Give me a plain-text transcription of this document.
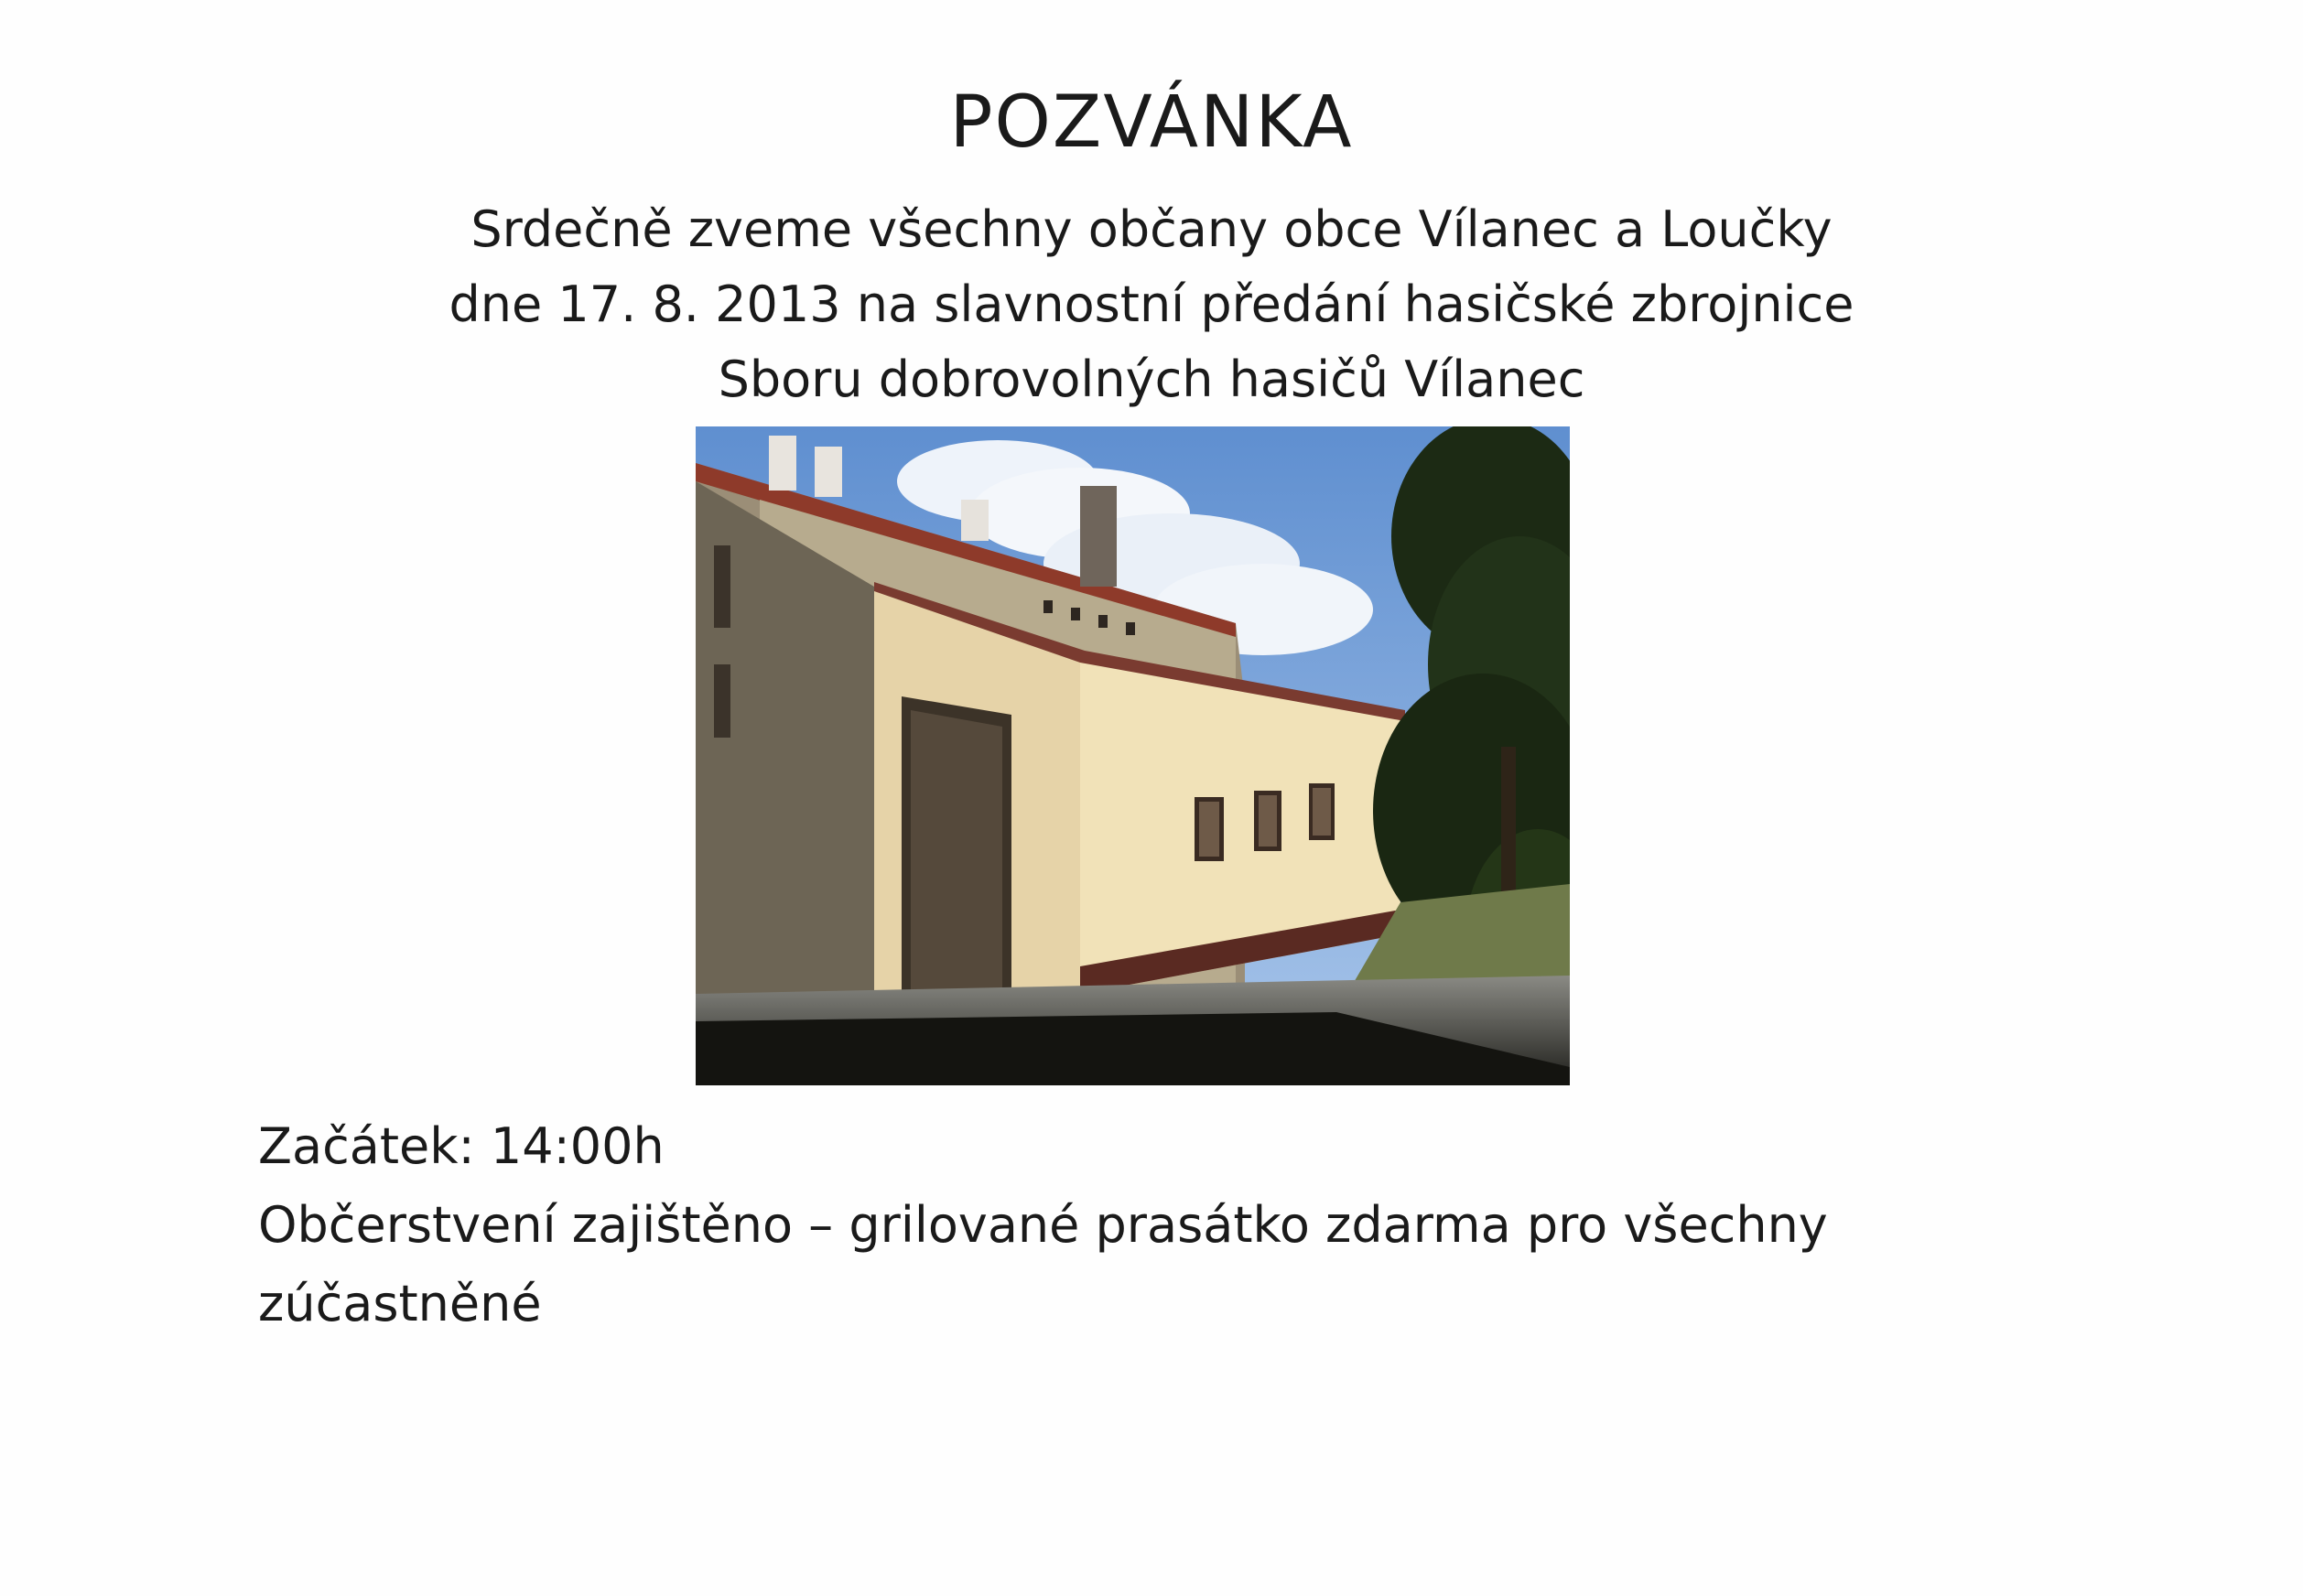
POZVÁNKA
Srdečně zveme všechny občany obce Vílanec a Loučky
dne 17. 8. 2013 na slavnostní předání hasičské zbrojnice
Sboru dobrovolných hasičů Vílanec
Začátek: 14:00h
Občerstvení zajištěno – grilované prasátko zdarma pro všechny
zúčastněné
